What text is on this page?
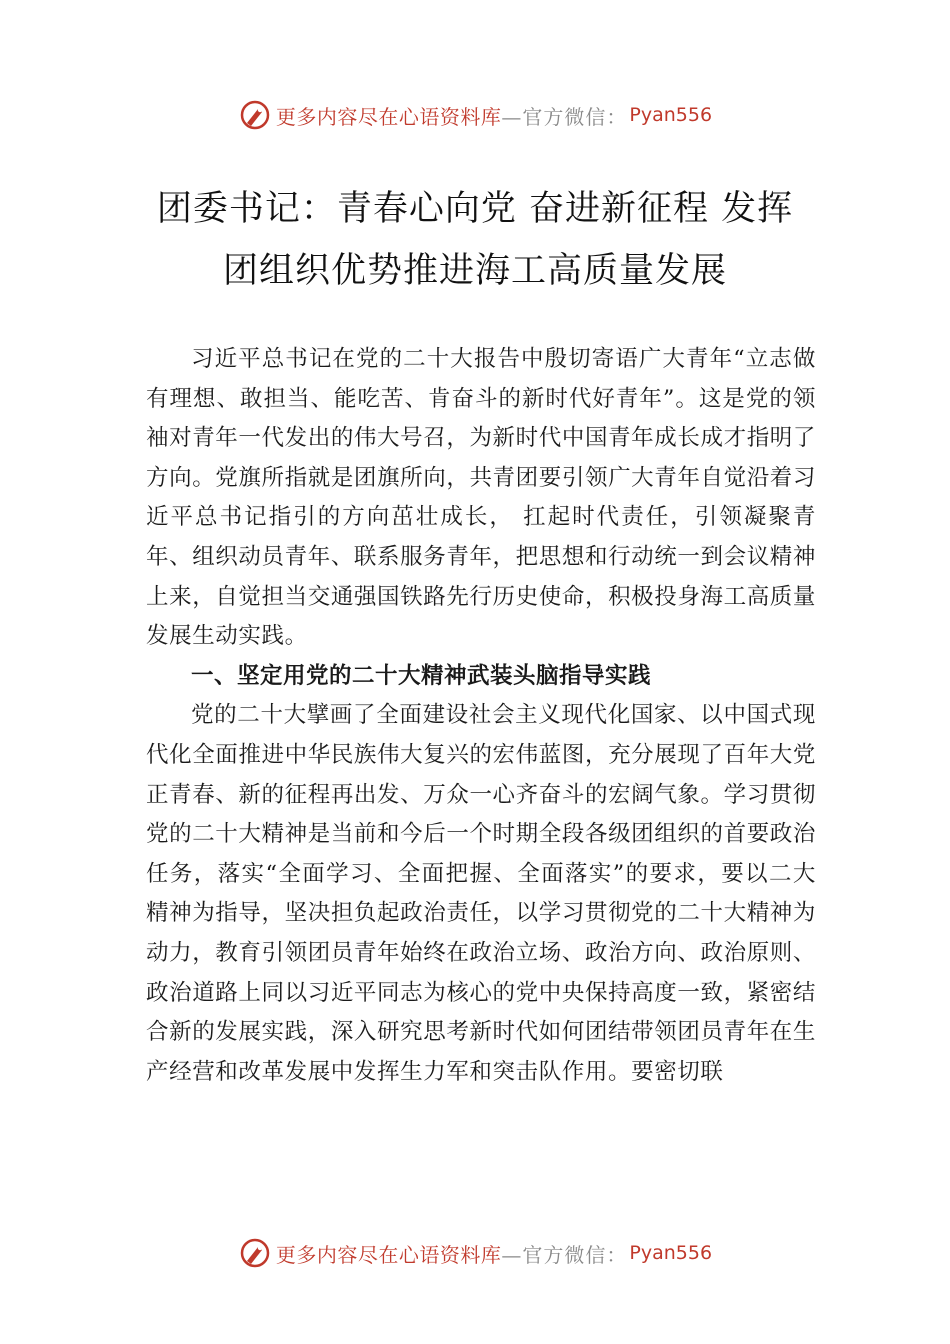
更多内容尽在心语资料库 —官方微信： Pyan556
团委书记：青春心向党 奋进新征程 发挥
团组织优势推进海工高质量发展

习近平总书记在党的二十大报告中殷切寄语广大青年“立志做有理想、敢担当、能吃苦、肯奋斗的新时代好青年”。这是党的领袖对青年一代发出的伟大号召，为新时代中国青年成长成才指明了方向。党旗所指就是团旗所向，共青团要引领广大青年自觉沿着习近平总书记指引的方向茁壮成长， 扛起时代责任，引领凝聚青年、组织动员青年、联系服务青年，把思想和行动统一到会议精神上来，自觉担当交通强国铁路先行历史使命，积极投身海工高质量发展生动实践。

一、坚定用党的二十大精神武装头脑指导实践

党的二十大擘画了全面建设社会主义现代化国家、以中国式现代化全面推进中华民族伟大复兴的宏伟蓝图，充分展现了百年大党正青春、新的征程再出发、万众一心齐奋斗的宏阔气象。学习贯彻党的二十大精神是当前和今后一个时期全段各级团组织的首要政治任务，落实“全面学习、全面把握、全面落实”的要求，要以二大精神为指导，坚决担负起政治责任，以学习贯彻党的二十大精神为动力，教育引领团员青年始终在政治立场、政治方向、政治原则、政治道路上同以习近平同志为核心的党中央保持高度一致，紧密结合新的发展实践，深入研究思考新时代如何团结带领团员青年在生产经营和改革发展中发挥生力军和突击队作用。要密切联

更多内容尽在心语资料库 —官方微信： Pyan556
